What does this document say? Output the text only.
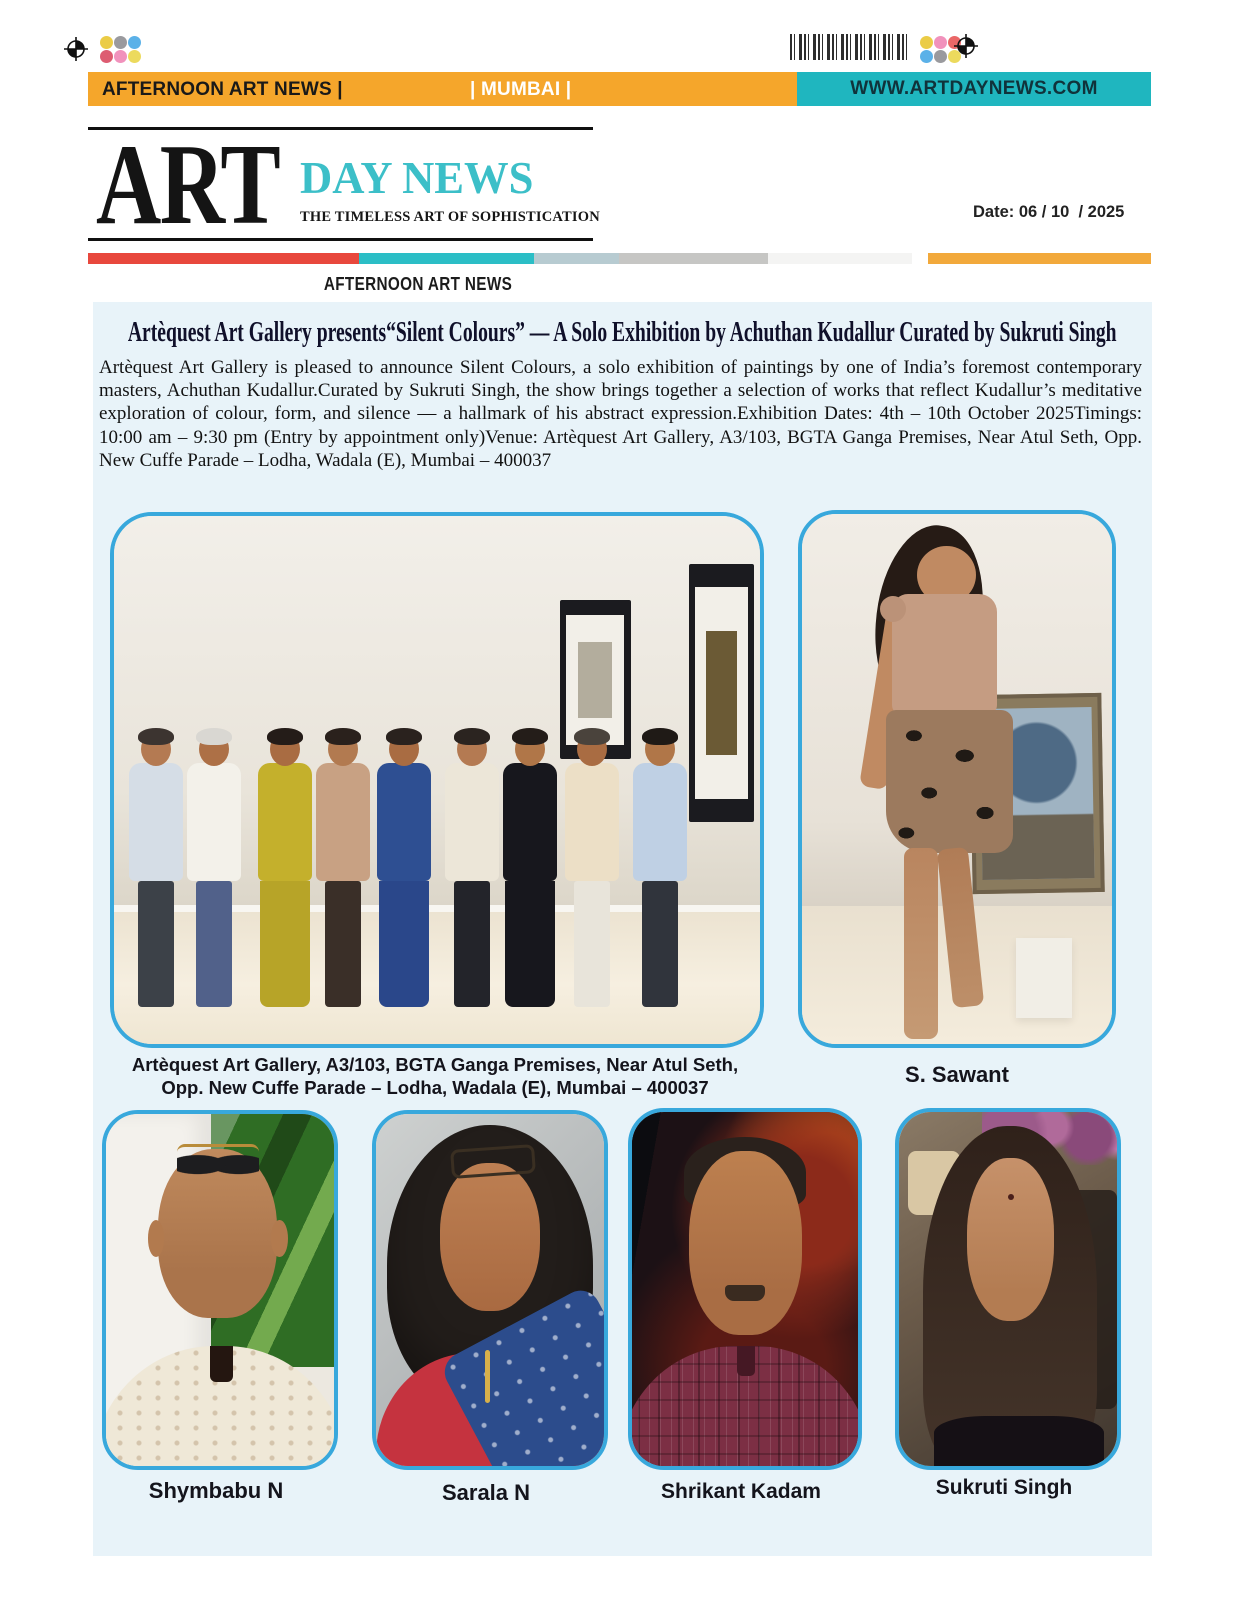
AFTERNOON ART NEWS |	| MUMBAI |	WWW.ARTDAYNEWS.COM
ART DAY NEWS
THE TIMELESS ART OF SOPHISTICATION	Date: 06 / 10  / 2025
AFTERNOON ART NEWS
Artèquest Art Gallery presents“Silent Colours” — A Solo Exhibition by Achuthan Kudallur Curated by Sukruti Singh

Artèquest Art Gallery is pleased to announce Silent Colours, a solo exhibition of paintings by one of India’s foremost contemporary masters, Achuthan Kudallur.Curated by Sukruti Singh, the show brings together a selection of works that reflect Kudallur’s meditative exploration of colour, form, and silence — a hallmark of his abstract expression.Exhibition Dates: 4th – 10th October 2025Timings: 10:00 am – 9:30 pm (Entry by appointment only)Venue: Artèquest Art Gallery, A3/103, BGTA Ganga Premises, Near Atul Seth, Opp. New Cuffe Parade – Lodha, Wadala (E), Mumbai – 400037

Artèquest Art Gallery, A3/103, BGTA Ganga Premises, Near Atul Seth,
Opp. New Cuffe Parade – Lodha, Wadala (E), Mumbai – 400037
S. Sawant
Shymbabu N	Sarala N	Shrikant Kadam	Sukruti Singh
